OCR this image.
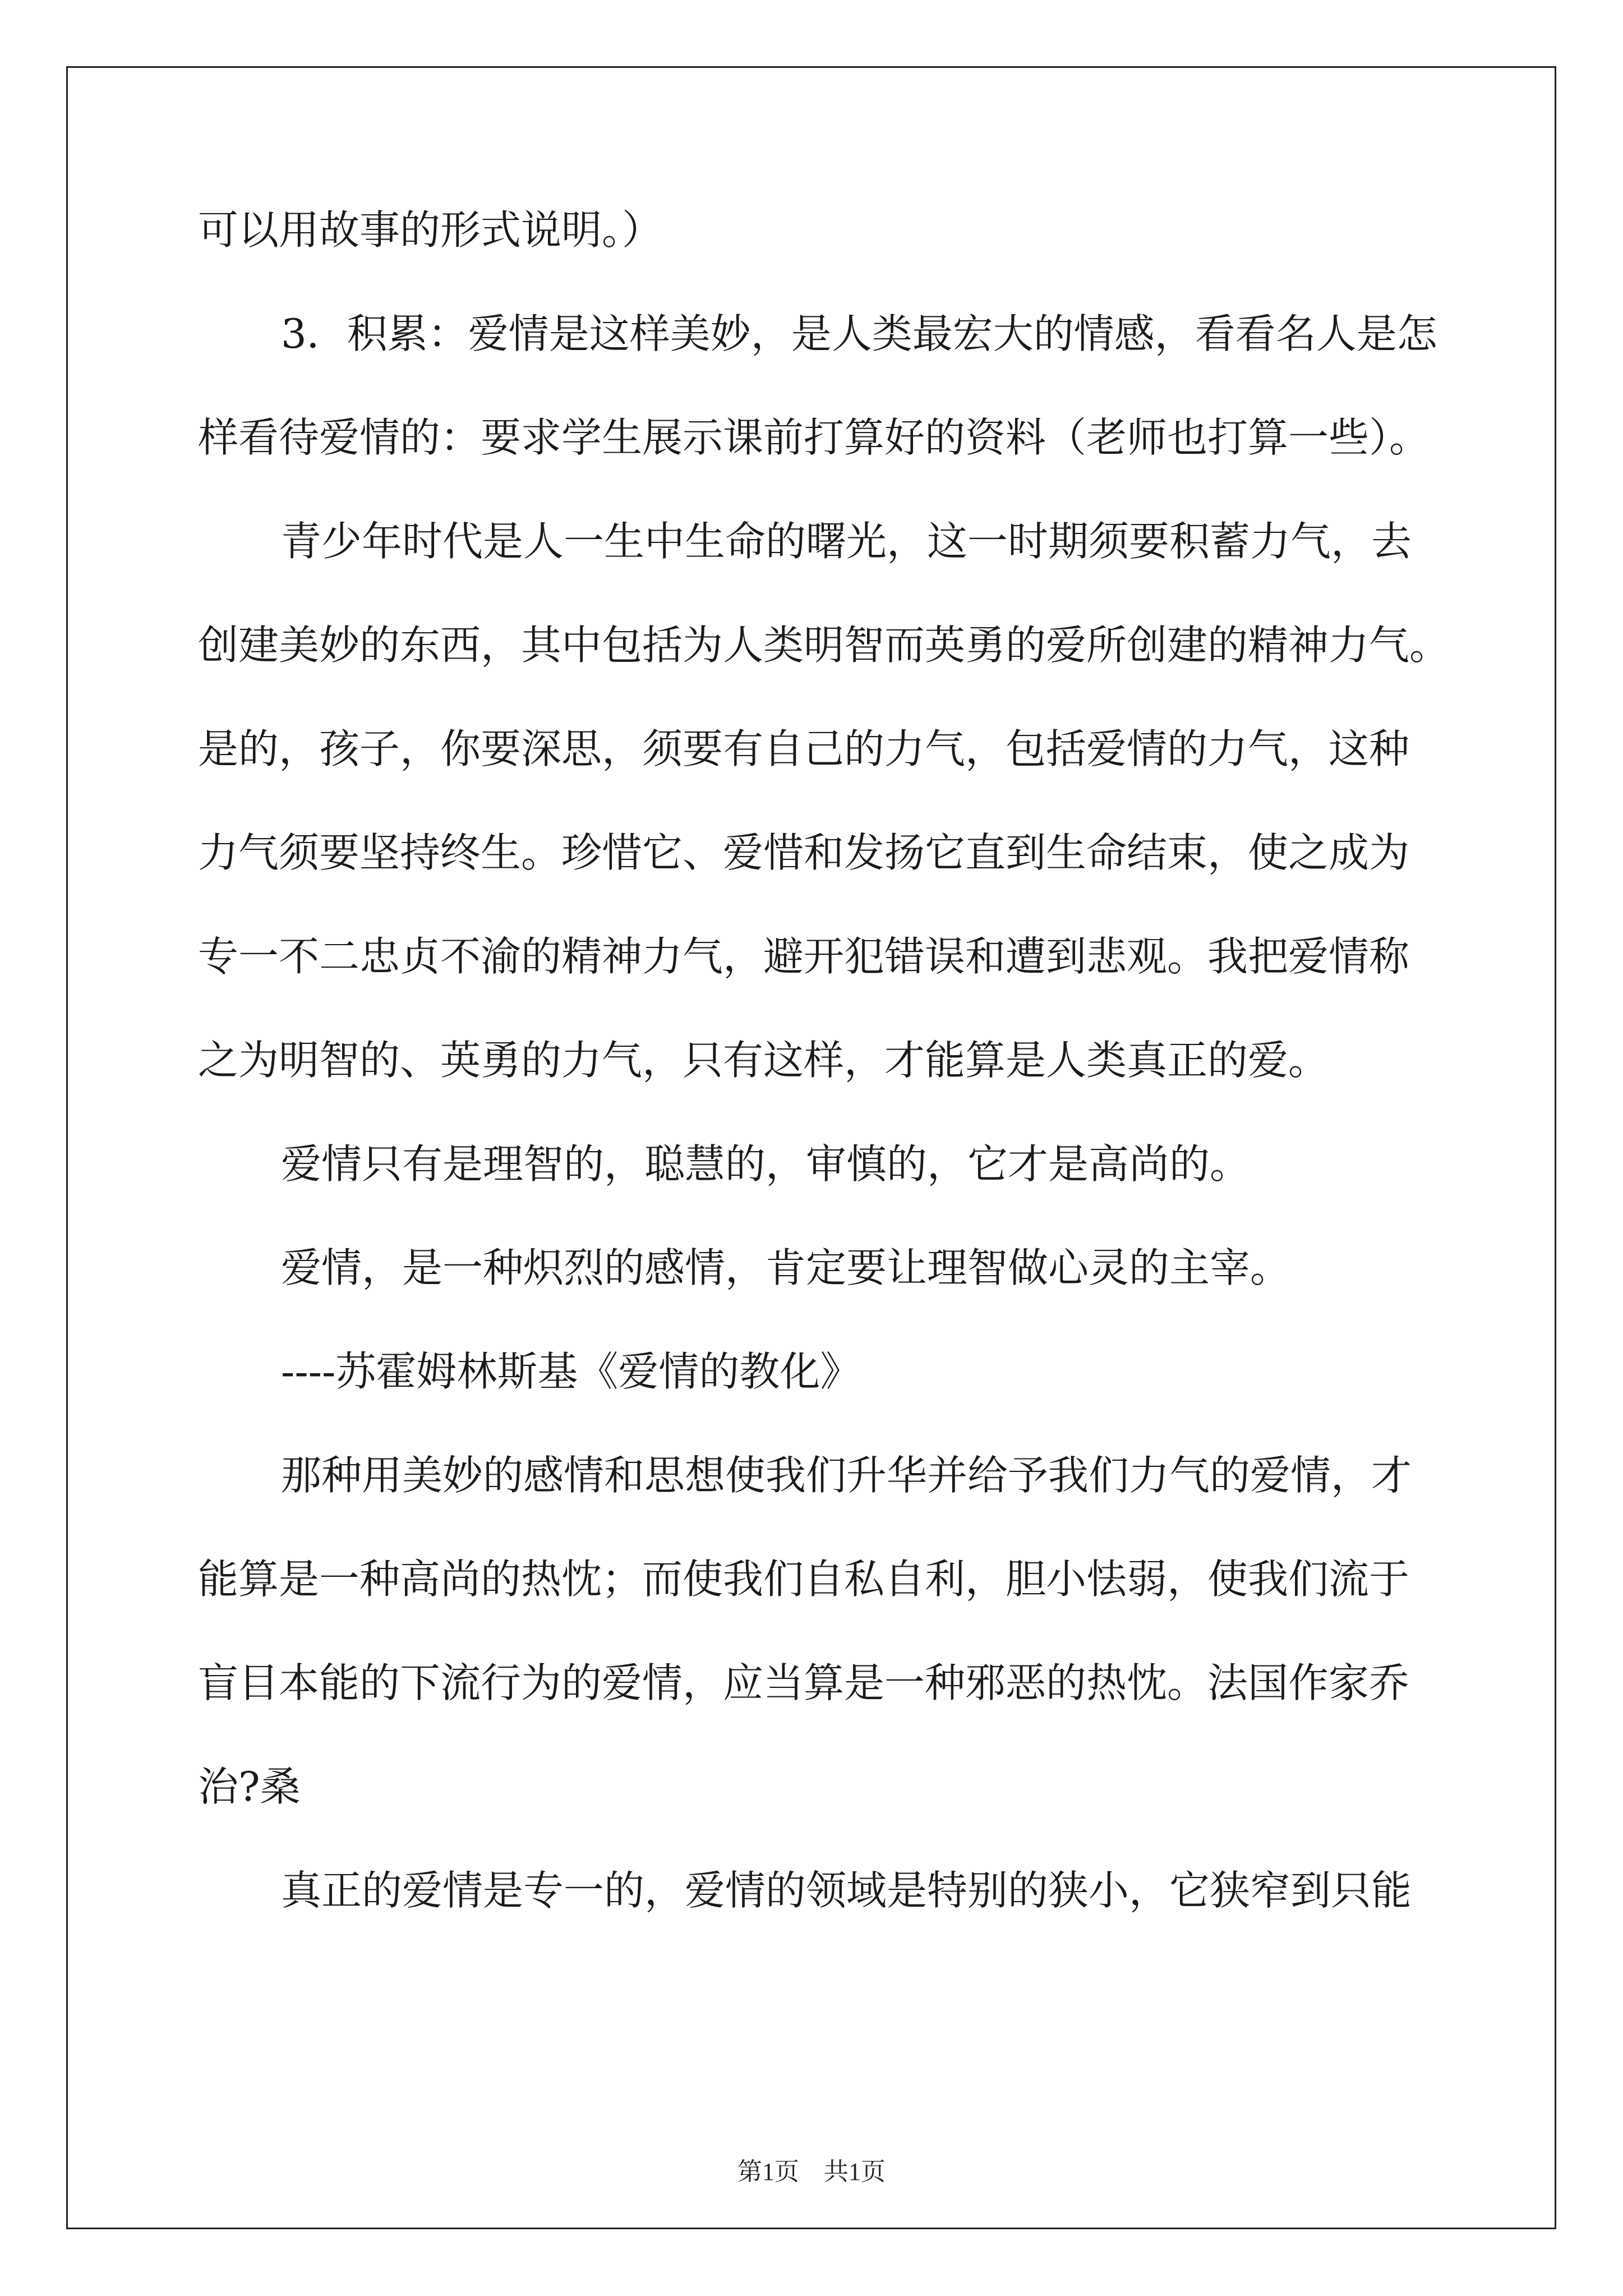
可以用故事的形式说明。）
3．积累：爱情是这样美妙，是人类最宏大的情感，看看名人是怎
样看待爱情的：要求学生展示课前打算好的资料（老师也打算一些）。
青少年时代是人一生中生命的曙光，这一时期须要积蓄力气，去
创建美妙的东西，其中包括为人类明智而英勇的爱所创建的精神力气。
是的，孩子，你要深思，须要有自己的力气，包括爱情的力气，这种
力气须要坚持终生。珍惜它、爱惜和发扬它直到生命结束，使之成为
专一不二忠贞不渝的精神力气，避开犯错误和遭到悲观。我把爱情称
之为明智的、英勇的力气，只有这样，才能算是人类真正的爱。
爱情只有是理智的，聪慧的，审慎的，它才是高尚的。
爱情，是一种炽烈的感情，肯定要让理智做心灵的主宰。
----苏霍姆林斯基《爱情的教化》
那种用美妙的感情和思想使我们升华并给予我们力气的爱情，才
能算是一种高尚的热忱；而使我们自私自利，胆小怯弱，使我们流于
盲目本能的下流行为的爱情，应当算是一种邪恶的热忱。法国作家乔
治?桑
真正的爱情是专一的，爱情的领域是特别的狭小，它狭窄到只能
第1页　共1页
